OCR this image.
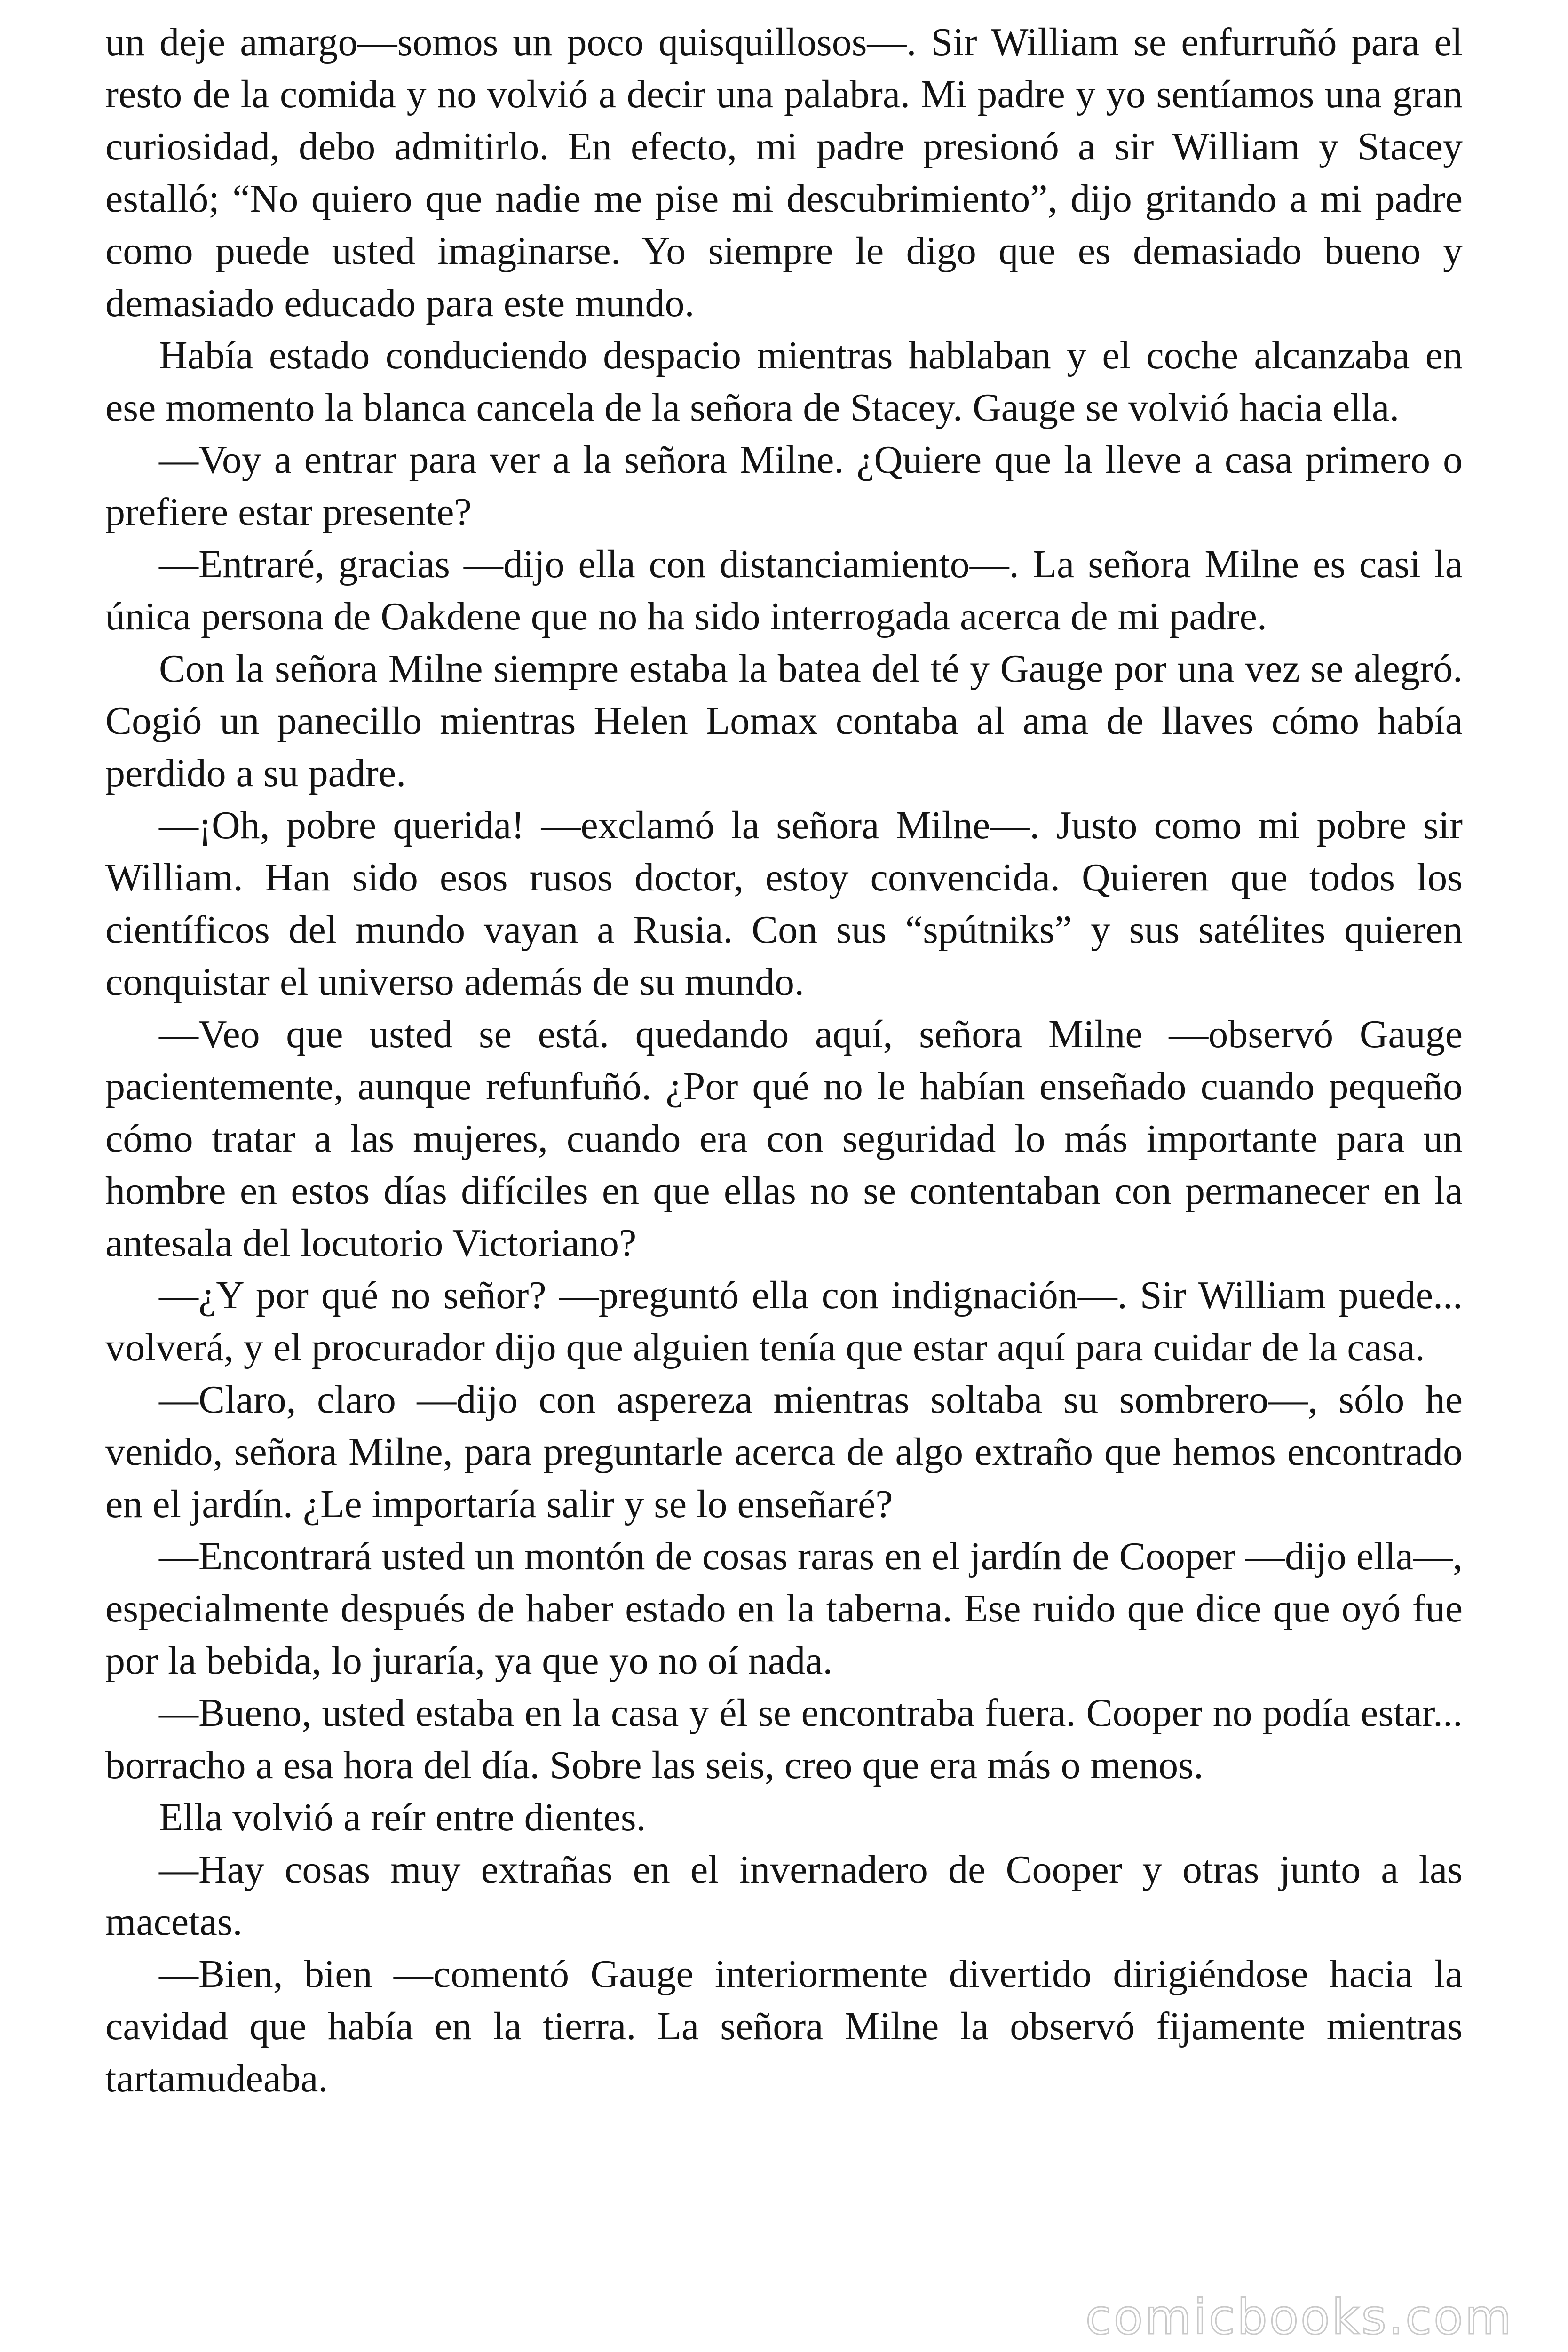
un deje amargo—somos un poco quisquillosos—. Sir William se enfurruñó para el resto de la comida y no volvió a decir una palabra. Mi padre y yo sentíamos una gran curiosidad, debo admitirlo. En efecto, mi padre presionó a sir William y Stacey estalló; “No quiero que nadie me pise mi descubrimiento”, dijo gritando a mi padre como puede usted imaginarse. Yo siempre le digo que es demasiado bueno y demasiado educado para este mundo.

Había estado conduciendo despacio mientras hablaban y el coche alcanzaba en ese momento la blanca cancela de la señora de Stacey. Gauge se volvió hacia ella.

—Voy a entrar para ver a la señora Milne. ¿Quiere que la lleve a casa primero o prefiere estar presente?

—Entraré, gracias —dijo ella con distanciamiento—. La señora Milne es casi la única persona de Oakdene que no ha sido interrogada acerca de mi padre.

Con la señora Milne siempre estaba la batea del té y Gauge por una vez se alegró. Cogió un panecillo mientras Helen Lomax contaba al ama de llaves cómo había perdido a su padre.

—¡Oh, pobre querida! —exclamó la señora Milne—. Justo como mi pobre sir William. Han sido esos rusos doctor, estoy convencida. Quieren que todos los científicos del mundo vayan a Rusia. Con sus “spútniks” y sus satélites quieren conquistar el universo además de su mundo.

—Veo que usted se está. quedando aquí, señora Milne —observó Gauge pacientemente, aunque refunfuñó. ¿Por qué no le habían enseñado cuando pequeño cómo tratar a las mujeres, cuando era con seguridad lo más importante para un hombre en estos días difíciles en que ellas no se contentaban con permanecer en la antesala del locutorio Victoriano?

—¿Y por qué no señor? —preguntó ella con indignación—. Sir William puede... volverá, y el procurador dijo que alguien tenía que estar aquí para cuidar de la casa.

—Claro, claro —dijo con aspereza mientras soltaba su sombrero—, sólo he venido, señora Milne, para preguntarle acerca de algo extraño que hemos encontrado en el jardín. ¿Le importaría salir y se lo enseñaré?

—Encontrará usted un montón de cosas raras en el jardín de Cooper —dijo ella—, especialmente después de haber estado en la taberna. Ese ruido que dice que oyó fue por la bebida, lo juraría, ya que yo no oí nada.

—Bueno, usted estaba en la casa y él se encontraba fuera. Cooper no podía estar... borracho a esa hora del día. Sobre las seis, creo que era más o menos.

Ella volvió a reír entre dientes.

—Hay cosas muy extrañas en el invernadero de Cooper y otras junto a las macetas.

—Bien, bien —comentó Gauge interiormente divertido dirigiéndose hacia la cavidad que había en la tierra. La señora Milne la observó fijamente mientras tartamudeaba.

comicbooks.com
